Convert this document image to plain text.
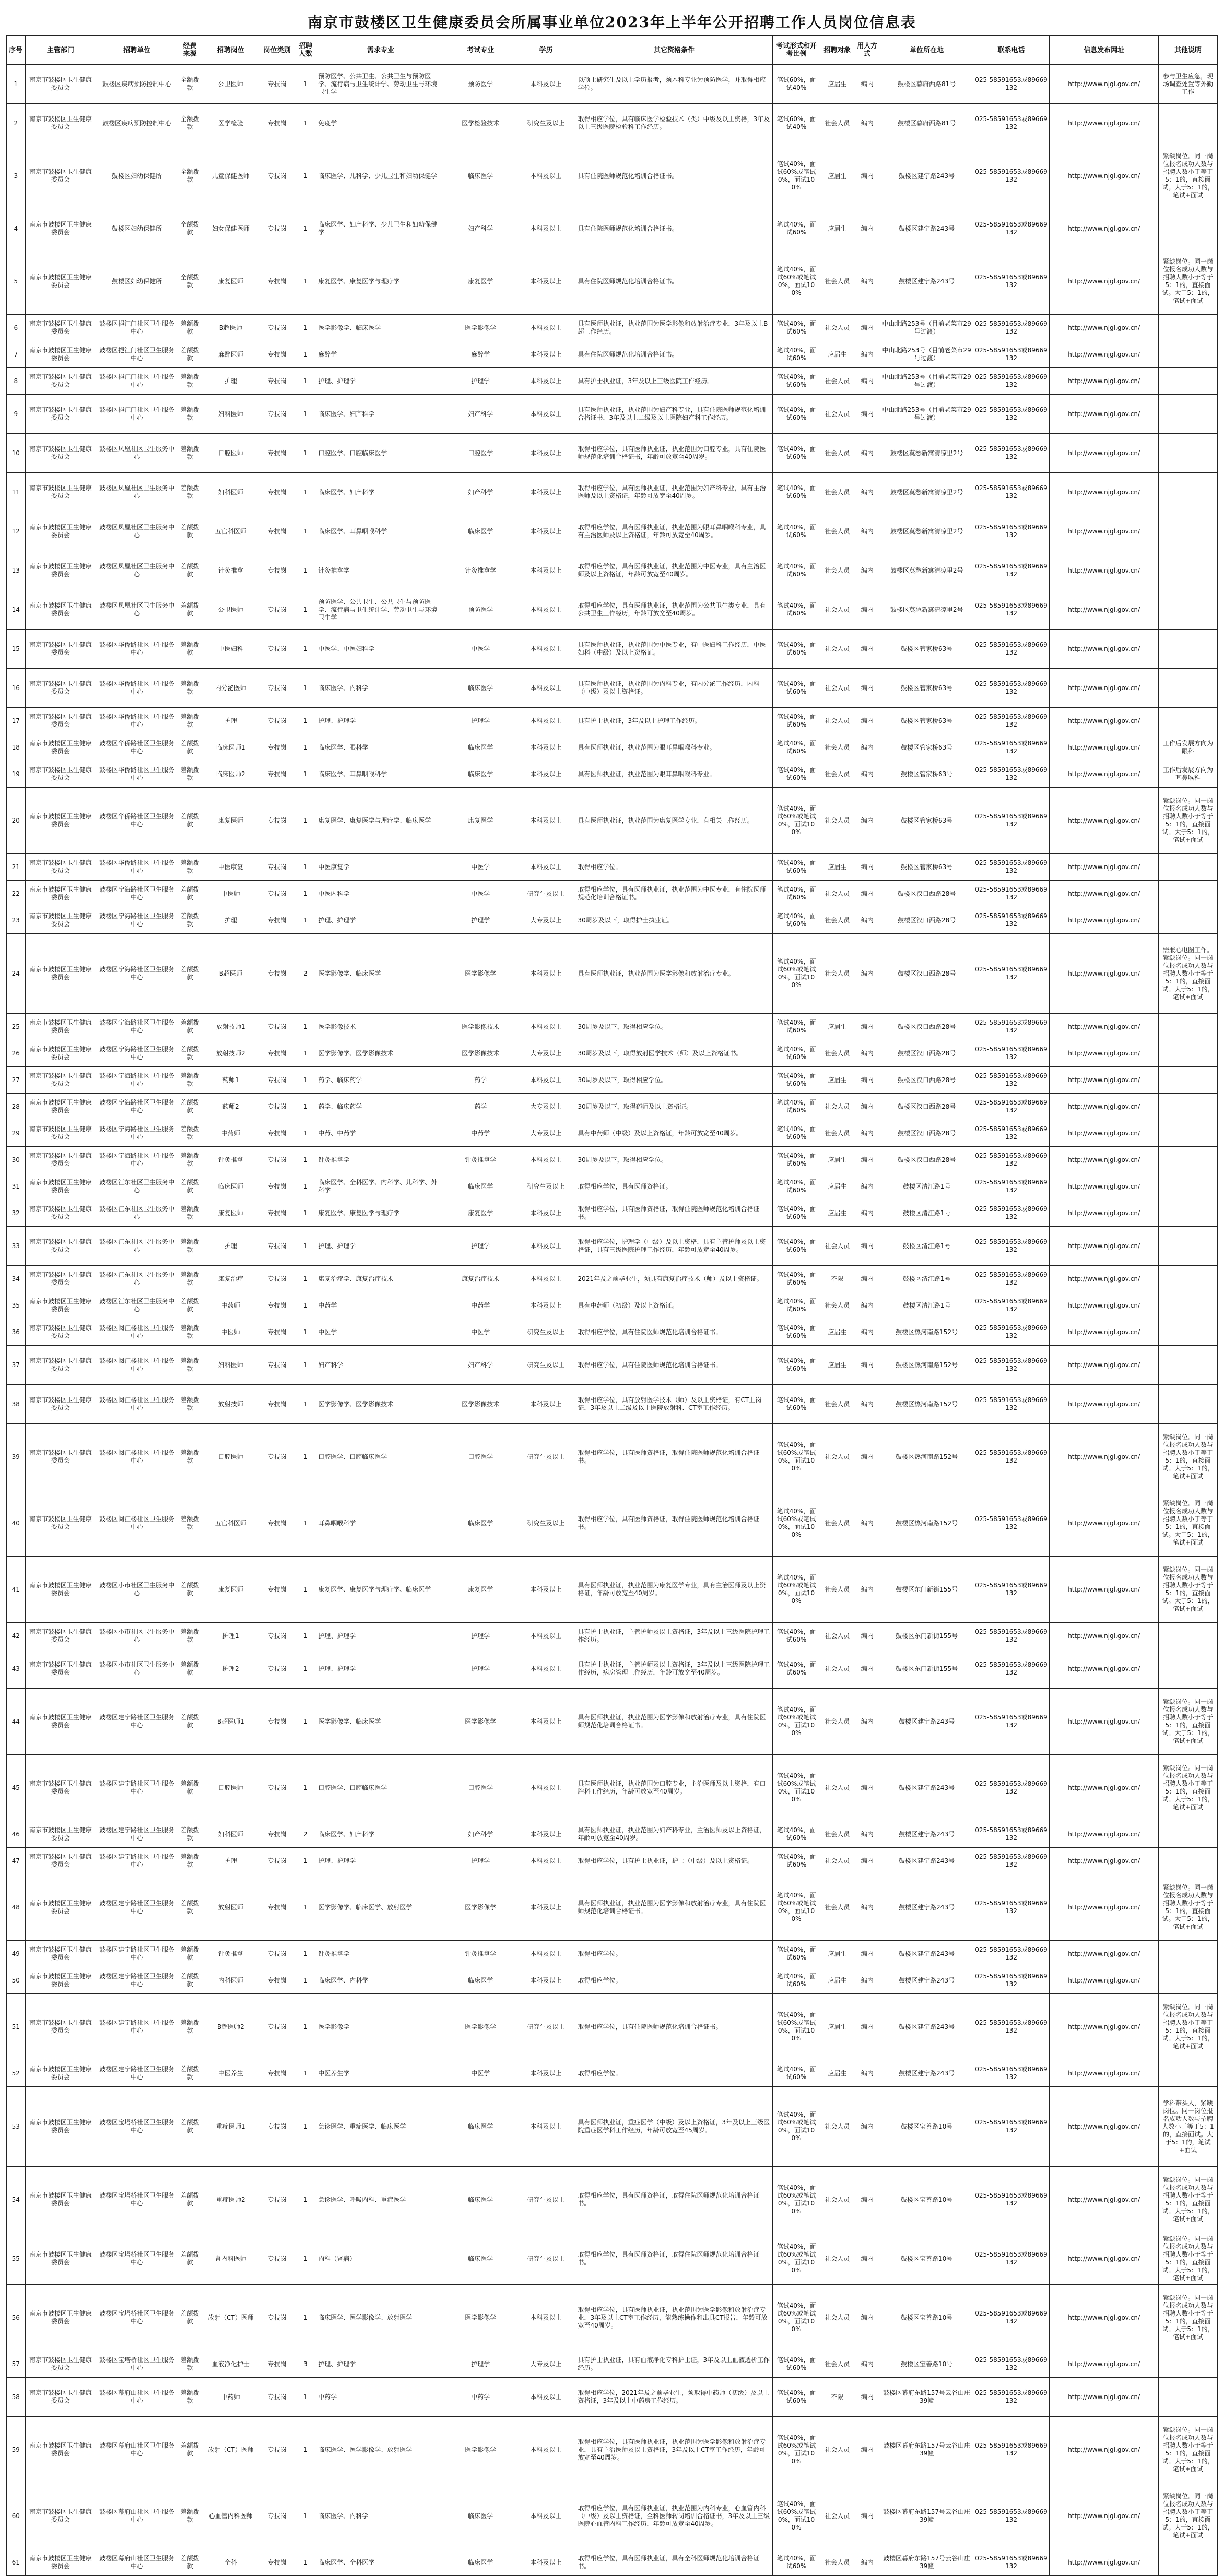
南京市鼓楼区卫生健康委员会所属事业单位2023年上半年公开招聘工作人员岗位信息表
序号	主管部门	招聘单位	经费来源	招聘岗位	岗位类别	招聘人数	需求专业	考试专业	学历	其它资格条件	考试形式和开考比例	招聘对象	用人方式	单位所在地	联系电话	信息发布网址	其他说明
1	南京市鼓楼区卫生健康委员会	鼓楼区疾病预防控制中心	全额拨款	公卫医师	专技岗	1	预防医学、公共卫生、公共卫生与预防医学、流行病与卫生统计学、劳动卫生与环境卫生学	预防医学	本科及以上	以硕士研究生及以上学历报考，须本科专业为预防医学，并取得相应学位。	笔试60%，面试40%	应届生	编内	鼓楼区幕府西路81号	025-58591653或89669132	http://www.njgl.gov.cn/	参与卫生应急，现场调查处置等外勤工作
2	南京市鼓楼区卫生健康委员会	鼓楼区疾病预防控制中心	全额拨款	医学检验	专技岗	1	免疫学	医学检验技术	研究生及以上	取得相应学位，具有临床医学检验技术（类）中级及以上资格，3年及以上三级医院检验科工作经历。	笔试60%，面试40%	社会人员	编内	鼓楼区幕府西路81号	025-58591653或89669132	http://www.njgl.gov.cn/	
3	南京市鼓楼区卫生健康委员会	鼓楼区妇幼保健所	全额拨款	儿童保健医师	专技岗	1	临床医学、儿科学、少儿卫生和妇幼保健学	临床医学	本科及以上	具有住院医师规范化培训合格证书。	笔试40%，面试60%或笔试0%，面试100%	应届生	编内	鼓楼区建宁路243号	025-58591653或89669132	http://www.njgl.gov.cn/	紧缺岗位。同一岗位报名成功人数与招聘人数小于等于5：1的，直接面试。大于5：1的，笔试+面试
4	南京市鼓楼区卫生健康委员会	鼓楼区妇幼保健所	全额拨款	妇女保健医师	专技岗	1	临床医学、妇产科学、少儿卫生和妇幼保健学	妇产科学	本科及以上	具有住院医师规范化培训合格证书。	笔试40%，面试60%	应届生	编内	鼓楼区建宁路243号	025-58591653或89669132	http://www.njgl.gov.cn/	
5	南京市鼓楼区卫生健康委员会	鼓楼区妇幼保健所	全额拨款	康复医师	专技岗	1	康复医学、康复医学与理疗学	康复医学	本科及以上	具有住院医师规范化培训合格证书。	笔试40%，面试60%或笔试0%，面试100%	社会人员	编内	鼓楼区建宁路243号	025-58591653或89669132	http://www.njgl.gov.cn/	紧缺岗位。同一岗位报名成功人数与招聘人数小于等于5：1的，直接面试。大于5：1的，笔试+面试
6	南京市鼓楼区卫生健康委员会	鼓楼区挹江门社区卫生服务中心	差额拨款	B超医师	专技岗	1	医学影像学、临床医学	医学影像学	本科及以上	具有医师执业证，执业范围为医学影像和放射治疗专业，3年及以上B超工作经历。	笔试40%，面试60%	社会人员	编内	中山北路253号（目前老菜市29号过渡）	025-58591653或89669132	http://www.njgl.gov.cn/	
7	南京市鼓楼区卫生健康委员会	鼓楼区挹江门社区卫生服务中心	差额拨款	麻醉医师	专技岗	1	麻醉学	麻醉学	本科及以上	具有住院医师规范化培训合格证书。	笔试40%，面试60%	应届生	编内	中山北路253号（目前老菜市29号过渡）	025-58591653或89669132	http://www.njgl.gov.cn/	
8	南京市鼓楼区卫生健康委员会	鼓楼区挹江门社区卫生服务中心	差额拨款	护理	专技岗	1	护理、护理学	护理学	本科及以上	具有护士执业证，3年及以上三级医院工作经历。	笔试40%，面试60%	社会人员	编内	中山北路253号（目前老菜市29号过渡）	025-58591653或89669132	http://www.njgl.gov.cn/	
9	南京市鼓楼区卫生健康委员会	鼓楼区挹江门社区卫生服务中心	差额拨款	妇科医师	专技岗	1	临床医学、妇产科学	妇产科学	本科及以上	具有医师执业证，执业范围为妇产科专业，具有住院医师规范化培训合格证书，3年及以上二级及以上医院妇产科工作经历。	笔试40%，面试60%	社会人员	编内	中山北路253号（目前老菜市29号过渡）	025-58591653或89669132	http://www.njgl.gov.cn/	
10	南京市鼓楼区卫生健康委员会	鼓楼区凤凰社区卫生服务中心	差额拨款	口腔医师	专技岗	1	口腔医学、口腔临床医学	口腔医学	本科及以上	取得相应学位，具有医师执业证，执业范围为口腔专业，具有住院医师规范化培训合格证书，年龄可放宽至40周岁。	笔试40%，面试60%	社会人员	编内	鼓楼区莫愁新寓清凉里2号	025-58591653或89669132	http://www.njgl.gov.cn/	
11	南京市鼓楼区卫生健康委员会	鼓楼区凤凰社区卫生服务中心	差额拨款	妇科医师	专技岗	1	临床医学、妇产科学	妇产科学	本科及以上	取得相应学位，具有医师执业证，执业范围为妇产科专业，具有主治医师及以上资格证，年龄可放宽至40周岁。	笔试40%，面试60%	社会人员	编内	鼓楼区莫愁新寓清凉里2号	025-58591653或89669132	http://www.njgl.gov.cn/	
12	南京市鼓楼区卫生健康委员会	鼓楼区凤凰社区卫生服务中心	差额拨款	五官科医师	专技岗	1	临床医学、耳鼻咽喉科学	临床医学	本科及以上	取得相应学位，具有医师执业证，执业范围为眼耳鼻咽喉科专业，具有主治医师及以上资格证，年龄可放宽至40周岁。	笔试40%，面试60%	社会人员	编内	鼓楼区莫愁新寓清凉里2号	025-58591653或89669132	http://www.njgl.gov.cn/	
13	南京市鼓楼区卫生健康委员会	鼓楼区凤凰社区卫生服务中心	差额拨款	针灸推拿	专技岗	1	针灸推拿学	针灸推拿学	本科及以上	取得相应学位，具有医师执业证，执业范围为中医专业，具有主治医师及以上资格证，年龄可放宽至40周岁。	笔试40%，面试60%	社会人员	编内	鼓楼区莫愁新寓清凉里2号	025-58591653或89669132	http://www.njgl.gov.cn/	
14	南京市鼓楼区卫生健康委员会	鼓楼区凤凰社区卫生服务中心	差额拨款	公卫医师	专技岗	1	预防医学、公共卫生、公共卫生与预防医学、流行病与卫生统计学、劳动卫生与环境卫生学	预防医学	本科及以上	取得相应学位，具有医师执业证，执业范围为公共卫生类专业，具有公共卫生工作经历，年龄可放宽至40周岁。	笔试40%，面试60%	社会人员	编内	鼓楼区莫愁新寓清凉里2号	025-58591653或89669132	http://www.njgl.gov.cn/	
15	南京市鼓楼区卫生健康委员会	鼓楼区华侨路社区卫生服务中心	差额拨款	中医妇科	专技岗	1	中医学、中医妇科学	中医学	本科及以上	具有医师执业证，执业范围为中医专业，有中医妇科工作经历，中医妇科（中级）及以上资格证。	笔试40%，面试60%	社会人员	编内	鼓楼区管家桥63号	025-58591653或89669132	http://www.njgl.gov.cn/	
16	南京市鼓楼区卫生健康委员会	鼓楼区华侨路社区卫生服务中心	差额拨款	内分泌医师	专技岗	1	临床医学、内科学	临床医学	本科及以上	具有医师执业证，执业范围为内科专业，有内分泌工作经历，内科（中级）及以上资格证。	笔试40%，面试60%	社会人员	编内	鼓楼区管家桥63号	025-58591653或89669132	http://www.njgl.gov.cn/	
17	南京市鼓楼区卫生健康委员会	鼓楼区华侨路社区卫生服务中心	差额拨款	护理	专技岗	1	护理、护理学	护理学	本科及以上	具有护士执业证，3年及以上护理工作经历。	笔试40%，面试60%	社会人员	编内	鼓楼区管家桥63号	025-58591653或89669132	http://www.njgl.gov.cn/	
18	南京市鼓楼区卫生健康委员会	鼓楼区华侨路社区卫生服务中心	差额拨款	临床医师1	专技岗	1	临床医学、眼科学	临床医学	本科及以上	具有医师执业证，执业范围为眼耳鼻咽喉科专业。	笔试40%，面试60%	社会人员	编内	鼓楼区管家桥63号	025-58591653或89669132	http://www.njgl.gov.cn/	工作后发展方向为眼科
19	南京市鼓楼区卫生健康委员会	鼓楼区华侨路社区卫生服务中心	差额拨款	临床医师2	专技岗	1	临床医学、耳鼻咽喉科学	临床医学	本科及以上	具有医师执业证，执业范围为眼耳鼻咽喉科专业。	笔试40%，面试60%	社会人员	编内	鼓楼区管家桥63号	025-58591653或89669132	http://www.njgl.gov.cn/	工作后发展方向为耳鼻喉科
20	南京市鼓楼区卫生健康委员会	鼓楼区华侨路社区卫生服务中心	差额拨款	康复医师	专技岗	1	康复医学、康复医学与理疗学、临床医学	康复医学	本科及以上	具有医师执业证，执业范围为康复医学专业，有相关工作经历。	笔试40%，面试60%或笔试0%，面试100%	社会人员	编内	鼓楼区管家桥63号	025-58591653或89669132	http://www.njgl.gov.cn/	紧缺岗位。同一岗位报名成功人数与招聘人数小于等于5：1的，直接面试。大于5：1的，笔试+面试
21	南京市鼓楼区卫生健康委员会	鼓楼区华侨路社区卫生服务中心	差额拨款	中医康复	专技岗	1	中医康复学	中医学	本科及以上	取得相应学位。	笔试40%，面试60%	应届生	编内	鼓楼区管家桥63号	025-58591653或89669132	http://www.njgl.gov.cn/	
22	南京市鼓楼区卫生健康委员会	鼓楼区宁海路社区卫生服务中心	差额拨款	中医师	专技岗	1	中医内科学	中医学	研究生及以上	取得相应学位，具有医师执业证，执业范围为中医专业，有住院医师规范化培训合格证书。	笔试40%，面试60%	社会人员	编内	鼓楼区汉口西路28号	025-58591653或89669132	http://www.njgl.gov.cn/	
23	南京市鼓楼区卫生健康委员会	鼓楼区宁海路社区卫生服务中心	差额拨款	护理	专技岗	1	护理、护理学	护理学	大专及以上	30周岁及以下，取得护士执业证。	笔试40%，面试60%	社会人员	编内	鼓楼区汉口西路28号	025-58591653或89669132	http://www.njgl.gov.cn/	
24	南京市鼓楼区卫生健康委员会	鼓楼区宁海路社区卫生服务中心	差额拨款	B超医师	专技岗	2	医学影像学、临床医学	医学影像学	本科及以上	具有医师执业证，执业范围为医学影像和放射治疗专业。	笔试40%，面试60%或笔试0%，面试100%	社会人员	编内	鼓楼区汉口西路28号	025-58591653或89669132	http://www.njgl.gov.cn/	需兼心电图工作。紧缺岗位。同一岗位报名成功人数与招聘人数小于等于5：1的，直接面试。大于5：1的，笔试+面试
25	南京市鼓楼区卫生健康委员会	鼓楼区宁海路社区卫生服务中心	差额拨款	放射技师1	专技岗	1	医学影像技术	医学影像技术	本科及以上	30周岁及以下，取得相应学位。	笔试40%，面试60%	应届生	编内	鼓楼区汉口西路28号	025-58591653或89669132	http://www.njgl.gov.cn/	
26	南京市鼓楼区卫生健康委员会	鼓楼区宁海路社区卫生服务中心	差额拨款	放射技师2	专技岗	1	医学影像学、医学影像技术	医学影像技术	大专及以上	30周岁及以下，取得放射医学技术（师）及以上资格证书。	笔试40%，面试60%	社会人员	编内	鼓楼区汉口西路28号	025-58591653或89669132	http://www.njgl.gov.cn/	
27	南京市鼓楼区卫生健康委员会	鼓楼区宁海路社区卫生服务中心	差额拨款	药师1	专技岗	1	药学、临床药学	药学	本科及以上	30周岁及以下，取得相应学位。	笔试40%，面试60%	应届生	编内	鼓楼区汉口西路28号	025-58591653或89669132	http://www.njgl.gov.cn/	
28	南京市鼓楼区卫生健康委员会	鼓楼区宁海路社区卫生服务中心	差额拨款	药师2	专技岗	1	药学、临床药学	药学	大专及以上	30周岁及以下，取得药师及以上资格证。	笔试40%，面试60%	社会人员	编内	鼓楼区汉口西路28号	025-58591653或89669132	http://www.njgl.gov.cn/	
29	南京市鼓楼区卫生健康委员会	鼓楼区宁海路社区卫生服务中心	差额拨款	中药师	专技岗	1	中药、中药学	中药学	大专及以上	具有中药师（中级）及以上资格证，年龄可放宽至40周岁。	笔试40%，面试60%	社会人员	编内	鼓楼区汉口西路28号	025-58591653或89669132	http://www.njgl.gov.cn/	
30	南京市鼓楼区卫生健康委员会	鼓楼区宁海路社区卫生服务中心	差额拨款	针灸推拿	专技岗	1	针灸推拿学	针灸推拿学	本科及以上	30周岁及以下，取得相应学位。	笔试40%，面试60%	应届生	编内	鼓楼区汉口西路28号	025-58591653或89669132	http://www.njgl.gov.cn/	
31	南京市鼓楼区卫生健康委员会	鼓楼区江东社区卫生服务中心	差额拨款	临床医师	专技岗	1	临床医学、全科医学、内科学、儿科学、外科学	临床医学	研究生及以上	取得相应学位，具有医师资格证。	笔试40%，面试60%	应届生	编内	鼓楼区清江路1号	025-58591653或89669132	http://www.njgl.gov.cn/	
32	南京市鼓楼区卫生健康委员会	鼓楼区江东社区卫生服务中心	差额拨款	康复医师	专技岗	1	康复医学、康复医学与理疗学	康复医学	本科及以上	取得相应学位，具有医师资格证，取得住院医师规范化培训合格证书。	笔试40%，面试60%	应届生	编内	鼓楼区清江路1号	025-58591653或89669132	http://www.njgl.gov.cn/	
33	南京市鼓楼区卫生健康委员会	鼓楼区江东社区卫生服务中心	差额拨款	护理	专技岗	1	护理、护理学	护理学	本科及以上	取得相应学位，护理学（中级）及以上资格，具有主管护师及以上资格证，具有三级医院护理工作经历，年龄可放宽至40周岁。	笔试40%，面试60%	社会人员	编内	鼓楼区清江路1号	025-58591653或89669132	http://www.njgl.gov.cn/	
34	南京市鼓楼区卫生健康委员会	鼓楼区江东社区卫生服务中心	差额拨款	康复治疗	专技岗	1	康复治疗学、康复治疗技术	康复治疗技术	本科及以上	2021年及之前毕业生，须具有康复治疗技术（师）及以上资格证。	笔试40%，面试60%	不限	编内	鼓楼区清江路1号	025-58591653或89669132	http://www.njgl.gov.cn/	
35	南京市鼓楼区卫生健康委员会	鼓楼区江东社区卫生服务中心	差额拨款	中药师	专技岗	1	中药学	中药学	本科及以上	具有中药师（初级）及以上资格证。	笔试40%，面试60%	社会人员	编内	鼓楼区清江路1号	025-58591653或89669132	http://www.njgl.gov.cn/	
36	南京市鼓楼区卫生健康委员会	鼓楼区阅江楼社区卫生服务中心	差额拨款	中医师	专技岗	1	中医学	中医学	研究生及以上	取得相应学位，具有住院医师规范化培训合格证书。	笔试40%，面试60%	应届生	编内	鼓楼区热河南路152号	025-58591653或89669132	http://www.njgl.gov.cn/	
37	南京市鼓楼区卫生健康委员会	鼓楼区阅江楼社区卫生服务中心	差额拨款	妇科医师	专技岗	1	妇产科学	妇产科学	研究生及以上	取得相应学位，具有住院医师规范化培训合格证书。	笔试40%，面试60%	应届生	编内	鼓楼区热河南路152号	025-58591653或89669132	http://www.njgl.gov.cn/	
38	南京市鼓楼区卫生健康委员会	鼓楼区阅江楼社区卫生服务中心	差额拨款	放射技师	专技岗	1	医学影像学、医学影像技术	医学影像技术	本科及以上	取得相应学位，具有放射医学技术（师）及以上资格证，有CT上岗证，3年及以上二级及以上医院放射科、CT室工作经历。	笔试40%，面试60%	社会人员	编内	鼓楼区热河南路152号	025-58591653或89669132	http://www.njgl.gov.cn/	
39	南京市鼓楼区卫生健康委员会	鼓楼区阅江楼社区卫生服务中心	差额拨款	口腔医师	专技岗	1	口腔医学、口腔临床医学	口腔医学	研究生及以上	取得相应学位，具有医师资格证，取得住院医师规范化培训合格证书。	笔试40%，面试60%或笔试0%，面试100%	社会人员	编内	鼓楼区热河南路152号	025-58591653或89669132	http://www.njgl.gov.cn/	紧缺岗位。同一岗位报名成功人数与招聘人数小于等于5：1的，直接面试。大于5：1的，笔试+面试
40	南京市鼓楼区卫生健康委员会	鼓楼区阅江楼社区卫生服务中心	差额拨款	五官科医师	专技岗	1	耳鼻咽喉科学	临床医学	研究生及以上	取得相应学位，具有医师资格证，取得住院医师规范化培训合格证书。	笔试40%，面试60%或笔试0%，面试100%	社会人员	编内	鼓楼区热河南路152号	025-58591653或89669132	http://www.njgl.gov.cn/	紧缺岗位。同一岗位报名成功人数与招聘人数小于等于5：1的，直接面试。大于5：1的，笔试+面试
41	南京市鼓楼区卫生健康委员会	鼓楼区小市社区卫生服务中心	差额拨款	康复医师	专技岗	1	康复医学、康复医学与理疗学、临床医学	康复医学	本科及以上	具有医师执业证，执业范围为康复医学专业，具有主治医师及以上资格证，年龄可放宽至40周岁。	笔试40%，面试60%或笔试0%，面试100%	社会人员	编内	鼓楼区东门新街155号	025-58591653或89669132	http://www.njgl.gov.cn/	紧缺岗位。同一岗位报名成功人数与招聘人数小于等于5：1的，直接面试。大于5：1的，笔试+面试
42	南京市鼓楼区卫生健康委员会	鼓楼区小市社区卫生服务中心	差额拨款	护理1	专技岗	1	护理、护理学	护理学	本科及以上	具有护士执业证，主管护师及以上资格证，3年及以上三级医院护理工作经历。	笔试40%，面试60%	社会人员	编内	鼓楼区东门新街155号	025-58591653或89669132	http://www.njgl.gov.cn/	
43	南京市鼓楼区卫生健康委员会	鼓楼区小市社区卫生服务中心	差额拨款	护理2	专技岗	1	护理、护理学	护理学	本科及以上	具有护士执业证，主管护师及以上资格证，3年及以上三级医院护理工作经历，病房管理工作经历，年龄可放宽至40周岁。	笔试40%，面试60%	社会人员	编内	鼓楼区东门新街155号	025-58591653或89669132	http://www.njgl.gov.cn/	
44	南京市鼓楼区卫生健康委员会	鼓楼区建宁路社区卫生服务中心	差额拨款	B超医师1	专技岗	1	医学影像学、临床医学	医学影像学	本科及以上	具有医师执业证，执业范围为医学影像和放射治疗专业，具有住院医师规范化培训合格证书。	笔试40%，面试60%或笔试0%，面试100%	社会人员	编内	鼓楼区建宁路243号	025-58591653或89669132	http://www.njgl.gov.cn/	紧缺岗位。同一岗位报名成功人数与招聘人数小于等于5：1的，直接面试。大于5：1的，笔试+面试
45	南京市鼓楼区卫生健康委员会	鼓楼区建宁路社区卫生服务中心	差额拨款	口腔医师	专技岗	1	口腔医学、口腔临床医学	口腔医学	本科及以上	具有医师执业证，执业范围为口腔专业，主治医师及以上资格，有口腔科工作经历，年龄可放宽至40周岁。	笔试40%，面试60%或笔试0%，面试100%	社会人员	编内	鼓楼区建宁路243号	025-58591653或89669132	http://www.njgl.gov.cn/	紧缺岗位。同一岗位报名成功人数与招聘人数小于等于5：1的，直接面试。大于5：1的，笔试+面试
46	南京市鼓楼区卫生健康委员会	鼓楼区建宁路社区卫生服务中心	差额拨款	妇科医师	专技岗	2	临床医学、妇产科学	妇产科学	本科及以上	具有医师执业证，执业范围为妇产科专业，主治医师及以上资格证，年龄可放宽至40周岁。	笔试40%，面试60%	社会人员	编内	鼓楼区建宁路243号	025-58591653或89669132	http://www.njgl.gov.cn/	
47	南京市鼓楼区卫生健康委员会	鼓楼区建宁路社区卫生服务中心	差额拨款	护理	专技岗	1	护理、护理学	护理学	本科及以上	取得相应学位，具有护士执业证，护士（中级）及以上资格证。	笔试40%，面试60%	社会人员	编内	鼓楼区建宁路243号	025-58591653或89669132	http://www.njgl.gov.cn/	
48	南京市鼓楼区卫生健康委员会	鼓楼区建宁路社区卫生服务中心	差额拨款	放射医师	专技岗	1	医学影像学、临床医学、放射医学	医学影像学	本科及以上	具有医师执业证，执业范围为医学影像和放射治疗专业，具有住院医师规范化培训合格证书。	笔试40%，面试60%或笔试0%，面试100%	社会人员	编内	鼓楼区建宁路243号	025-58591653或89669132	http://www.njgl.gov.cn/	紧缺岗位。同一岗位报名成功人数与招聘人数小于等于5：1的，直接面试。大于5：1的，笔试+面试
49	南京市鼓楼区卫生健康委员会	鼓楼区建宁路社区卫生服务中心	差额拨款	针灸推拿	专技岗	1	针灸推拿学	针灸推拿学	本科及以上	取得相应学位。	笔试40%，面试60%	应届生	编内	鼓楼区建宁路243号	025-58591653或89669132	http://www.njgl.gov.cn/	
50	南京市鼓楼区卫生健康委员会	鼓楼区建宁路社区卫生服务中心	差额拨款	内科医师	专技岗	1	临床医学、内科学	临床医学	本科及以上	取得相应学位。	笔试40%，面试60%	应届生	编内	鼓楼区建宁路243号	025-58591653或89669132	http://www.njgl.gov.cn/	
51	南京市鼓楼区卫生健康委员会	鼓楼区建宁路社区卫生服务中心	差额拨款	B超医师2	专技岗	1	医学影像学	医学影像学	研究生及以上	取得相应学位，具有住院医师规范化培训合格证书。	笔试40%，面试60%或笔试0%，面试100%	应届生	编内	鼓楼区建宁路243号	025-58591653或89669132	http://www.njgl.gov.cn/	紧缺岗位。同一岗位报名成功人数与招聘人数小于等于5：1的，直接面试。大于5：1的，笔试+面试
52	南京市鼓楼区卫生健康委员会	鼓楼区建宁路社区卫生服务中心	差额拨款	中医养生	专技岗	1	中医养生学	中医学	本科及以上	取得相应学位。	笔试40%，面试60%	应届生	编内	鼓楼区建宁路243号	025-58591653或89669132	http://www.njgl.gov.cn/	
53	南京市鼓楼区卫生健康委员会	鼓楼区宝塔桥社区卫生服务中心	差额拨款	重症医师1	专技岗	1	急诊医学、重症医学、临床医学	临床医学	本科及以上	具有医师执业证，重症医学（中级）及以上资格证，3年及以上三级医院重症医学科工作经历，年龄可放宽至45周岁。	笔试40%，面试60%或笔试0%，面试100%	社会人员	编内	鼓楼区宝善路10号	025-58591653或89669132	http://www.njgl.gov.cn/	学科带头人，紧缺岗位。同一岗位报名成功人数与招聘人数小于等于5：1的，直接面试。大于5：1的，笔试+面试
54	南京市鼓楼区卫生健康委员会	鼓楼区宝塔桥社区卫生服务中心	差额拨款	重症医师2	专技岗	1	急诊医学、呼吸内科、重症医学	临床医学	研究生及以上	取得相应学位，具有医师资格证，取得住院医师规范化培训合格证书。	笔试40%，面试60%或笔试0%，面试100%	社会人员	编内	鼓楼区宝善路10号	025-58591653或89669132	http://www.njgl.gov.cn/	紧缺岗位。同一岗位报名成功人数与招聘人数小于等于5：1的，直接面试。大于5：1的，笔试+面试
55	南京市鼓楼区卫生健康委员会	鼓楼区宝塔桥社区卫生服务中心	差额拨款	肾内科医师	专技岗	1	内科（肾病）	临床医学	研究生及以上	取得相应学位，具有医师资格证，取得住院医师规范化培训合格证书。	笔试40%，面试60%或笔试0%，面试100%	社会人员	编内	鼓楼区宝善路10号	025-58591653或89669132	http://www.njgl.gov.cn/	紧缺岗位。同一岗位报名成功人数与招聘人数小于等于5：1的，直接面试。大于5：1的，笔试+面试
56	南京市鼓楼区卫生健康委员会	鼓楼区宝塔桥社区卫生服务中心	差额拨款	放射（CT）医师	专技岗	1	临床医学、医学影像学、放射医学	医学影像学	本科及以上	取得相应学位，具有医师执业证，执业范围为医学影像和放射治疗专业，3年及以上CT室工作经历，能熟练操作和出具CT报告，年龄可放宽至40周岁。	笔试40%，面试60%或笔试0%，面试100%	社会人员	编内	鼓楼区宝善路10号	025-58591653或89669132	http://www.njgl.gov.cn/	紧缺岗位。同一岗位报名成功人数与招聘人数小于等于5：1的，直接面试。大于5：1的，笔试+面试
57	南京市鼓楼区卫生健康委员会	鼓楼区宝塔桥社区卫生服务中心	差额拨款	血液净化护士	专技岗	3	护理、护理学	护理学	大专及以上	具有护士执业证，具有血液净化专科护士证，3年及以上血液透析工作经历。	笔试40%，面试60%	社会人员	编内	鼓楼区宝善路10号	025-58591653或89669132	http://www.njgl.gov.cn/	
58	南京市鼓楼区卫生健康委员会	鼓楼区幕府山社区卫生服务中心	差额拨款	中药师	专技岗	1	中药学	中药学	本科及以上	取得相应学位，2021年及之前毕业生，须取得中药师（初级）及以上资格证，3年及以上中药房工作经历。	笔试40%，面试60%	不限	编内	鼓楼区幕府东路157号云谷山庄39幢	025-58591653或89669132	http://www.njgl.gov.cn/	
59	南京市鼓楼区卫生健康委员会	鼓楼区幕府山社区卫生服务中心	差额拨款	放射（CT）医师	专技岗	1	临床医学、医学影像学、放射医学	医学影像学	本科及以上	取得相应学位，具有医师执业证，执业范围为医学影像和放射治疗专业，具有主治医师及以上资格证，3年及以上CT室工作经历，年龄可放宽至40周岁。	笔试40%，面试60%或笔试0%，面试100%	社会人员	编内	鼓楼区幕府东路157号云谷山庄39幢	025-58591653或89669132	http://www.njgl.gov.cn/	紧缺岗位。同一岗位报名成功人数与招聘人数小于等于5：1的，直接面试。大于5：1的，笔试+面试
60	南京市鼓楼区卫生健康委员会	鼓楼区幕府山社区卫生服务中心	差额拨款	心血管内科医师	专技岗	1	临床医学、内科学	临床医学	本科及以上	取得相应学位，具有医师执业证，执业范围为内科专业，心血管内科（中级）及以上资格证，全科医师转岗培训合格证书，3年及以上三级医院心血管内科工作经历，年龄可放宽至40周岁。	笔试40%，面试60%或笔试0%，面试100%	社会人员	编内	鼓楼区幕府东路157号云谷山庄39幢	025-58591653或89669132	http://www.njgl.gov.cn/	紧缺岗位。同一岗位报名成功人数与招聘人数小于等于5：1的，直接面试。大于5：1的，笔试+面试
61	南京市鼓楼区卫生健康委员会	鼓楼区幕府山社区卫生服务中心	差额拨款	全科	专技岗	1	临床医学、全科医学	临床医学	本科及以上	取得相应学位，具有医师执业证，具有全科医师规范化培训合格证书。	笔试40%，面试60%	社会人员	编内	鼓楼区幕府东路157号云谷山庄39幢	025-58591653或89669132	http://www.njgl.gov.cn/	
